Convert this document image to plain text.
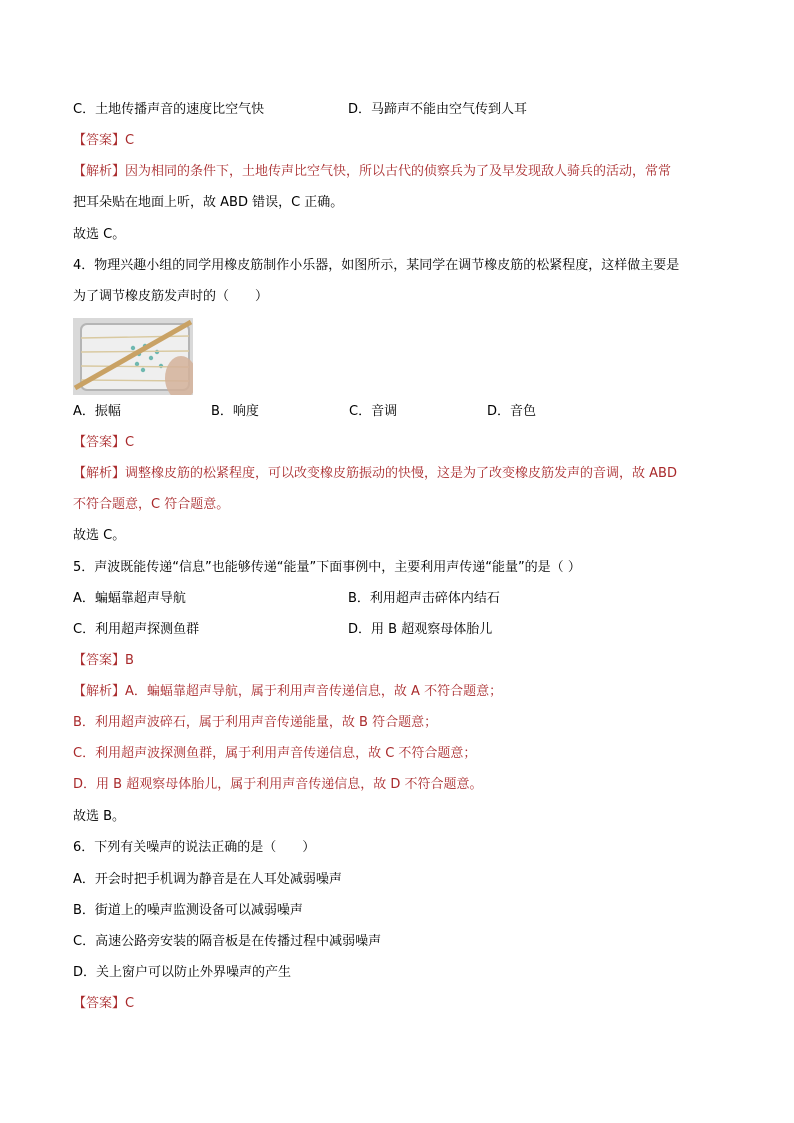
C．土地传播声音的速度比空气快	D．马蹄声不能由空气传到人耳
【答案】C
【解析】因为相同的条件下，土地传声比空气快，所以古代的侦察兵为了及早发现敌人骑兵的活动，常常
把耳朵贴在地面上听，故 ABD 错误，C 正确。
故选 C。
4．物理兴趣小组的同学用橡皮筋制作小乐器，如图所示，某同学在调节橡皮筋的松紧程度，这样做主要是
为了调节橡皮筋发声时的（　　）
A．振幅	B．响度	C．音调	D．音色
【答案】C
【解析】调整橡皮筋的松紧程度，可以改变橡皮筋振动的快慢，这是为了改变橡皮筋发声的音调，故 ABD
不符合题意，C 符合题意。
故选 C。
5．声波既能传递“信息”也能够传递“能量”下面事例中，主要利用声传递“能量”的是（ ）
A．蝙蝠靠超声导航	B．利用超声击碎体内结石
C．利用超声探测鱼群	D．用 B 超观察母体胎儿
【答案】B
【解析】A．蝙蝠靠超声导航，属于利用声音传递信息，故 A 不符合题意；
B．利用超声波碎石，属于利用声音传递能量，故 B 符合题意；
C．利用超声波探测鱼群，属于利用声音传递信息，故 C 不符合题意；
D．用 B 超观察母体胎儿，属于利用声音传递信息，故 D 不符合题意。
故选 B。
6．下列有关噪声的说法正确的是（　　）
A．开会时把手机调为静音是在人耳处减弱噪声
B．街道上的噪声监测设备可以减弱噪声
C．高速公路旁安装的隔音板是在传播过程中减弱噪声
D．关上窗户可以防止外界噪声的产生
【答案】C
